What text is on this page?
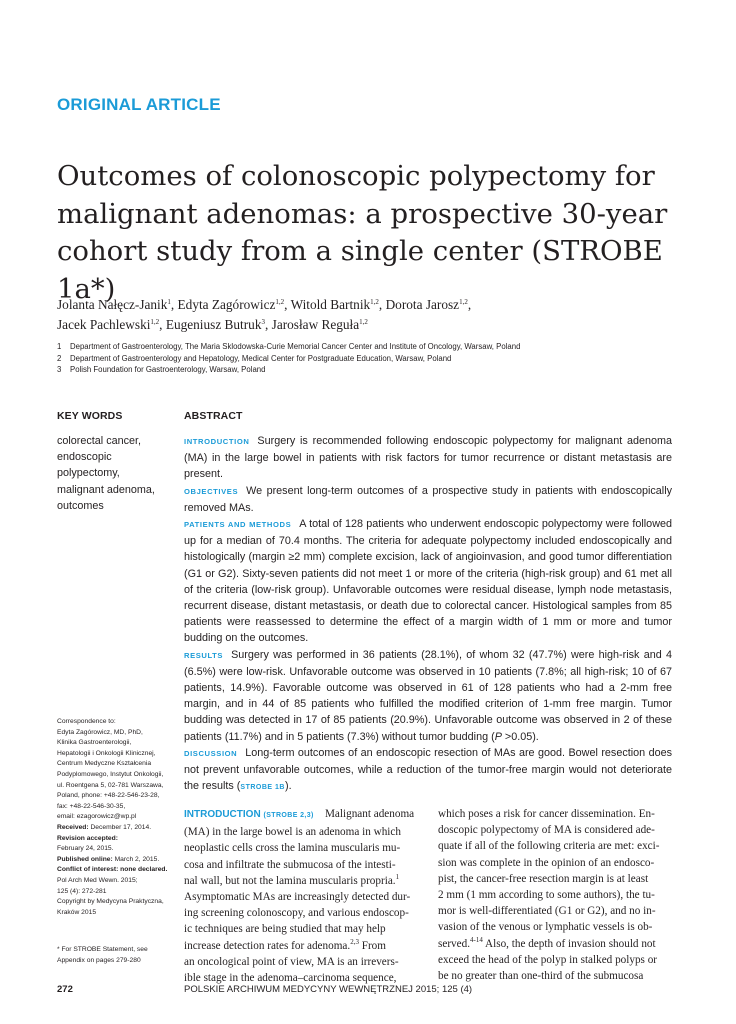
ORIGINAL ARTICLE
Outcomes of colonoscopic polypectomy for
malignant adenomas: a prospective 30-year
cohort study from a single center (STROBE 1a*)
Jolanta Nałęcz-Janik$^1$, Edyta Zagórowicz$^{1,2}$, Witold Bartnik$^{1,2}$, Dorota Jarosz$^{1,2}$,
Jacek Pachlewski$^{1,2}$, Eugeniusz Butruk$^3$, Jarosław Reguła$^{1,2}$
1 Department of Gastroenterology, The Maria Sklodowska-Curie Memorial Cancer Center and Institute of Oncology, Warsaw, Poland
2 Department of Gastroenterology and Hepatology, Medical Center for Postgraduate Education, Warsaw, Poland
3 Polish Foundation for Gastroenterology, Warsaw, Poland
KEY WORDS	ABSTRACT
colorectal cancer,
endoscopic
polypectomy,
malignant adenoma,
outcomes

INTRODUCTION Surgery is recommended following endoscopic polypectomy for malignant adenoma (MA) in the large bowel in patients with risk factors for tumor recurrence or distant metastasis are present.

OBJECTIVES We present long-term outcomes of a prospective study in patients with endoscopically removed MAs.

PATIENTS AND METHODS A total of 128 patients who underwent endoscopic polypectomy were followed up for a median of 70.4 months. The criteria for adequate polypectomy included endoscopically and histologically (margin ≥2 mm) complete excision, lack of angioinvasion, and good tumor differentiation (G1 or G2). Sixty-seven patients did not meet 1 or more of the criteria (high-risk group) and 61 met all of the criteria (low-risk group). Unfavorable outcomes were residual disease, lymph node metastasis, recurrent disease, distant metastasis, or death due to colorectal cancer. Histological samples from 85 patients were reassessed to determine the effect of a margin width of 1 mm or more and tumor budding on the outcomes.

RESULTS Surgery was performed in 36 patients (28.1%), of whom 32 (47.7%) were high-risk and 4 (6.5%) were low-risk. Unfavorable outcome was observed in 10 patients (7.8%; all high-risk; 10 of 67 patients, 14.9%). Favorable outcome was observed in 61 of 128 patients who had a 2-mm free margin, and in 44 of 85 patients who fulfilled the modified criterion of 1-mm free margin. Tumor budding was detected in 17 of 85 patients (20.9%). Unfavorable outcome was observed in 2 of these patients (11.7%) and in 5 patients (7.3%) without tumor budding (P >0.05).

DISCUSSION Long-term outcomes of an endoscopic resection of MAs are good. Bowel resection does not prevent unfavorable outcomes, while a reduction of the tumor-free margin would not deteriorate the results (STROBE 1B).

Correspondence to:
Edyta Zagórowicz, MD, PhD,
Klinika Gastroenterologii,
Hepatologii i Onkologii Klinicznej,
Centrum Medyczne Kształcenia
Podyplomowego, Instytut Onkologii,
ul. Roentgena 5, 02-781 Warszawa,
Poland, phone: +48-22-546-23-28,
fax: +48-22-546-30-35,
email: ezagorowicz@wp.pl
Received: December 17, 2014.
Revision accepted:
February 24, 2015.
Published online: March 2, 2015.
Conflict of interest: none declared.
Pol Arch Med Wewn. 2015;
125 (4): 272-281
Copyright by Medycyna Praktyczna,
Kraków 2015
* For STROBE Statement, see
Appendix on pages 279-280
INTRODUCTION (STROBE 2,3) Malignant adenoma
(MA) in the large bowel is an adenoma in which
neoplastic cells cross the lamina muscularis mu-
cosa and infiltrate the submucosa of the intesti-
nal wall, but not the lamina muscularis propria.$^1$
Asymptomatic MAs are increasingly detected dur-
ing screening colonoscopy, and various endoscop-
ic techniques are being studied that may help
increase detection rates for adenoma.$^{2,3}$ From
an oncological point of view, MA is an irrevers-
ible stage in the adenoma–carcinoma sequence,
which poses a risk for cancer dissemination. En-
doscopic polypectomy of MA is considered ade-
quate if all of the following criteria are met: exci-
sion was complete in the opinion of an endosco-
pist, the cancer-free resection margin is at least
2 mm (1 mm according to some authors), the tu-
mor is well-differentiated (G1 or G2), and no in-
vasion of the venous or lymphatic vessels is ob-
served.$^{4-14}$ Also, the depth of invasion should not
exceed the head of the polyp in stalked polyps or
be no greater than one-third of the submucosa
272	POLSKIE ARCHIWUM MEDYCYNY WEWNĘTRZNEJ 2015; 125 (4)
